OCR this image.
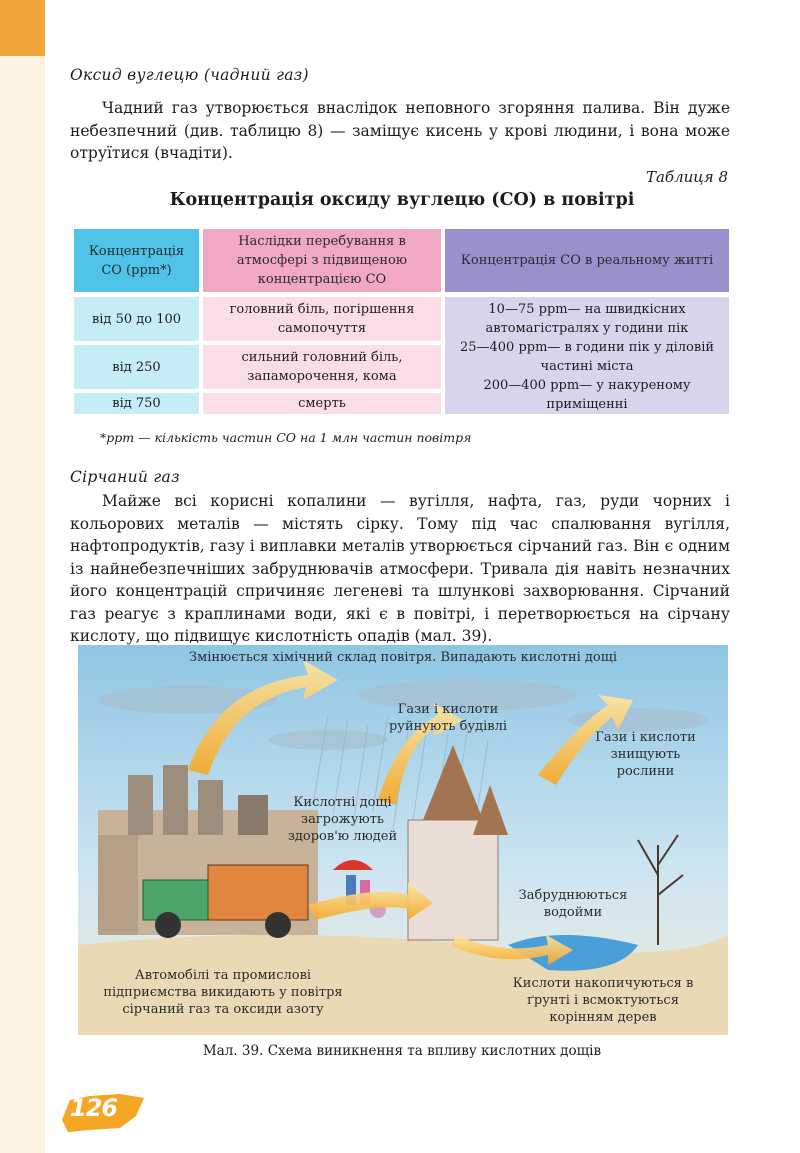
Оксид вуглецю (чадний газ)

Чадний газ утворюється внаслідок неповного згоряння палива. Він дуже небезпечний (див. таблицю 8) — заміщує кисень у крові людини, і вона може отруїтися (вчадіти).

Таблиця 8
Концентрація оксиду вуглецю (СО) в повітрі
Концентрація СО (ppm*)
Наслідки перебування в атмосфері з підвищеною концентрацією СО
Концентрація СО в реальному житті
від 50 до 100
головний біль, погіршення самопочуття
від 250
сильний головний біль, запаморочення, кома
від 750	смерть
10—75 ppm— на швидкісних автомагістралях у години пік
25—400 ppm— в години пік у діловій частині міста
200—400 ppm— у накуреному приміщенні
*ppm — кількість частин СО на 1 млн частин повітря
Сірчаний газ

Майже всі корисні копалини — вугілля, нафта, газ, руди чорних і кольорових металів — містять сірку. Тому під час спалювання вугілля, нафтопродуктів, газу і виплавки металів утворюється сірчаний газ. Він є одним із найнебезпечніших забруднювачів атмосфери. Тривала дія навіть незначних його концентрацій спричиняє легеневі та шлункові захворювання. Сірчаний газ реагує з краплинами води, які є в повітрі, і перетворюється на сірчану кислоту, що підвищує кислотність опадів (мал. 39).

Змінюється хімічний склад повітря. Випадають кислотні дощі
Гази і кислоти руйнують будівлі
Гази і кислоти знищують рослини
Кислотні дощі загрожують здоров'ю людей
Забруднюються водойми
Автомобілі та промислові підприємства викидають у повітря сірчаний газ та оксиди азоту
Кислоти накопичуються в ґрунті і всмоктуються корінням дерев
Мал. 39. Схема виникнення та впливу кислотних дощів
126
